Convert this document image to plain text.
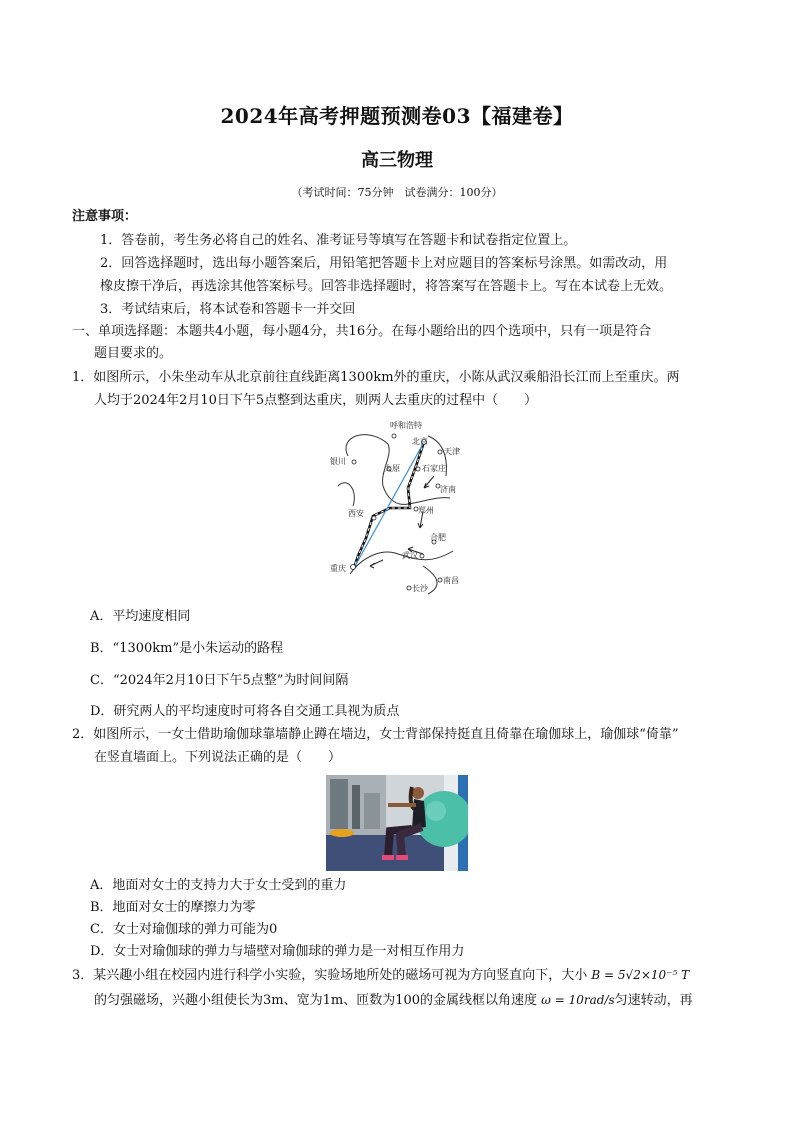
2024年高考押题预测卷03【福建卷】
高三物理
（考试时间：75分钟　试卷满分：100分）
注意事项：
1．答卷前，考生务必将自己的姓名、准考证号等填写在答题卡和试卷指定位置上。
2．回答选择题时，选出每小题答案后，用铅笔把答题卡上对应题目的答案标号涂黑。如需改动，用
橡皮擦干净后，再选涂其他答案标号。回答非选择题时，将答案写在答题卡上。写在本试卷上无效。
3．考试结束后，将本试卷和答题卡一并交回
一、单项选择题：本题共4小题，每小题4分，共16分。在每小题给出的四个选项中，只有一项是符合
题目要求的。
1．如图所示，小朱坐动车从北京前往直线距离1300km外的重庆，小陈从武汉乘船沿长江而上至重庆。两
人均于2024年2月10日下午5点整到达重庆，则两人去重庆的过程中（　　）
呼和浩特
北京
天津
银川
太原	石家庄
济南
西安	郑州
合肥
武汉
重庆
长沙
南昌
A．平均速度相同
B．“1300km”是小朱运动的路程
C．“2024年2月10日下午5点整”为时间间隔
D．研究两人的平均速度时可将各自交通工具视为质点
2．如图所示，一女士借助瑜伽球靠墙静止蹲在墙边，女士背部保持挺直且倚靠在瑜伽球上，瑜伽球“倚靠”
在竖直墙面上。下列说法正确的是（　　）
A．地面对女士的支持力大于女士受到的重力
B．地面对女士的摩擦力为零
C．女士对瑜伽球的弹力可能为0
D．女士对瑜伽球的弹力与墙壁对瑜伽球的弹力是一对相互作用力
3．某兴趣小组在校园内进行科学小实验，实验场地所处的磁场可视为方向竖直向下，大小 B = 5√2×10⁻⁵ T
的匀强磁场，兴趣小组使长为3m、宽为1m、匝数为100的金属线框以角速度 ω = 10rad/s匀速转动，再
